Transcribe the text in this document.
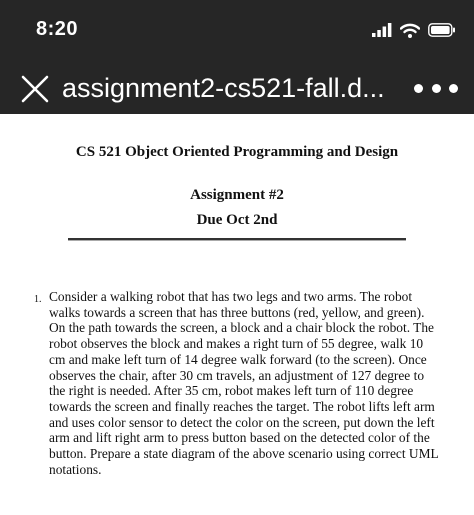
8:20
assignment2-cs521-fall.d...
CS 521 Object Oriented Programming and Design
Assignment #2
Due Oct 2nd
1. Consider a walking robot that has two legs and two arms. The robot walks towards a screen that has three buttons (red, yellow, and green). On the path towards the screen, a block and a chair block the robot. The robot observes the block and makes a right turn of 55 degree, walk 10 cm and make left turn of 14 degree walk forward (to the screen). Once observes the chair, after 30 cm travels, an adjustment of 127 degree to the right is needed. After 35 cm, robot makes left turn of 110 degree towards the screen and finally reaches the target. The robot lifts left arm and uses color sensor to detect the color on the screen, put down the left arm and lift right arm to press button based on the detected color of the button. Prepare a state diagram of the above scenario using correct UML notations.
